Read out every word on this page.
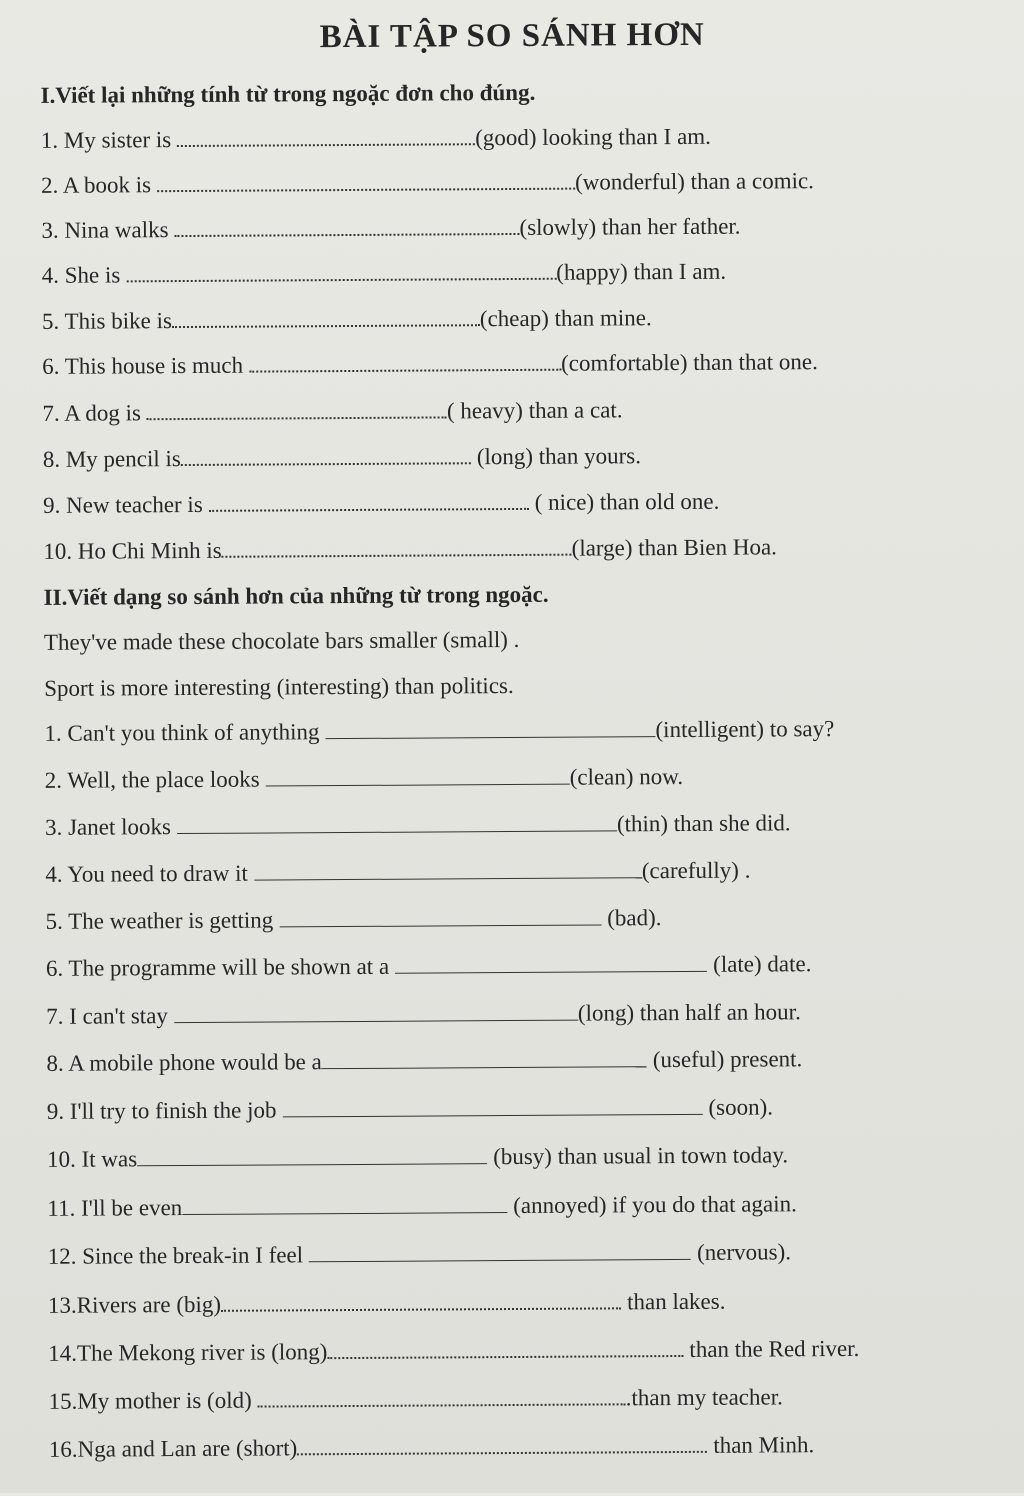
BÀI TẬP SO SÁNH HƠN
I.Viết lại những tính từ trong ngoặc đơn cho đúng.
1. My sister is	(good) looking than I am.
2. A book is	(wonderful) than a comic.
3. Nina walks	(slowly) than her father.
4. She is	(happy) than I am.
5. This bike is	(cheap) than mine.
6. This house is much	(comfortable) than that one.
7. A dog is	( heavy) than a cat.
8. My pencil is	(long) than yours.
9. New teacher is	( nice) than old one.
10. Ho Chi Minh is	(large) than Bien Hoa.
II.Viết dạng so sánh hơn của những từ trong ngoặc.
They've made these chocolate bars smaller (small) .
Sport is more interesting (interesting) than politics.
1. Can't you think of anything	(intelligent) to say?
2. Well, the place looks	(clean) now.
3. Janet looks	(thin) than she did.
4. You need to draw it	(carefully) .
5. The weather is getting	(bad).
6. The programme will be shown at a	(late) date.
7. I can't stay	(long) than half an hour.
8. A mobile phone would be a	(useful) present.
9. I'll try to finish the job	(soon).
10. It was	(busy) than usual in town today.
11. I'll be even	(annoyed) if you do that again.
12. Since the break-in I feel	(nervous).
13.Rivers are (big)	than lakes.
14.The Mekong river is (long)	than the Red river.
15.My mother is (old)	.than my teacher.
16.Nga and Lan are (short)	than Minh.
